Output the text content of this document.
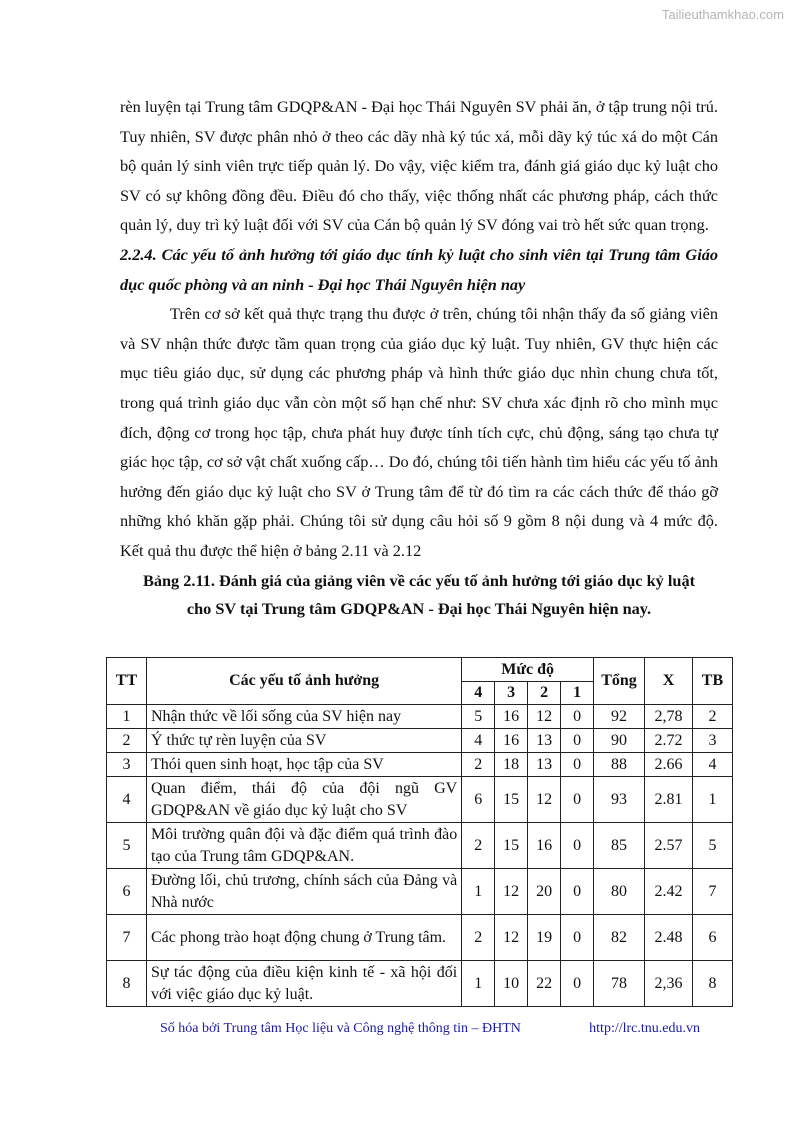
Tailieuthamkhao.com

rèn luyện tại Trung tâm GDQP&AN - Đại học Thái Nguyên SV phải ăn, ở tập trung nội trú. Tuy nhiên, SV được phân nhỏ ở theo các dãy nhà ký túc xá, mỗi dãy ký túc xá do một Cán bộ quản lý sinh viên trực tiếp quản lý. Do vậy, việc kiểm tra, đánh giá giáo dục kỷ luật cho SV có sự không đồng đều. Điều đó cho thấy, việc thống nhất các phương pháp, cách thức quản lý, duy trì kỷ luật đối với SV của Cán bộ quản lý SV đóng vai trò hết sức quan trọng.

2.2.4. Các yếu tố ảnh hưởng tới giáo dục tính kỷ luật cho sinh viên tại Trung tâm Giáo dục quốc phòng và an ninh - Đại học Thái Nguyên hiện nay

Trên cơ sở kết quả thực trạng thu được ở trên, chúng tôi nhận thấy đa số giảng viên và SV nhận thức được tầm quan trọng của giáo dục kỷ luật. Tuy nhiên, GV thực hiện các mục tiêu giáo dục, sử dụng các phương pháp và hình thức giáo dục nhìn chung chưa tốt, trong quá trình giáo dục vẫn còn một số hạn chế như: SV chưa xác định rõ cho mình mục đích, động cơ trong học tập, chưa phát huy được tính tích cực, chủ động, sáng tạo chưa tự giác học tập, cơ sở vật chất xuống cấp… Do đó, chúng tôi tiến hành tìm hiểu các yếu tố ảnh hưởng đến giáo dục kỷ luật cho SV ở Trung tâm để từ đó tìm ra các cách thức để tháo gỡ những khó khăn gặp phải. Chúng tôi sử dụng câu hỏi số 9 gồm 8 nội dung và 4 mức độ. Kết quả thu được thể hiện ở bảng 2.11 và 2.12

Bảng 2.11. Đánh giá của giảng viên về các yếu tố ảnh hưởng tới giáo dục kỷ luật
cho SV tại Trung tâm GDQP&AN - Đại học Thái Nguyên hiện nay.
TT	Các yếu tố ảnh hưởng	Mức độ				Tổng	X	TB
		4	3	2	1			
1	Nhận thức về lối sống của SV hiện nay	5	16	12	0	92	2,78	2
2	Ý thức tự rèn luyện của SV	4	16	13	0	90	2.72	3
3	Thói quen sinh hoạt, học tập của SV	2	18	13	0	88	2.66	4
4	Quan điểm, thái độ của đội ngũ GV GDQP&AN về giáo dục kỷ luật cho SV	6	15	12	0	93	2.81	1
5	Môi trường quân đội và đặc điểm quá trình đào tạo của Trung tâm GDQP&AN.	2	15	16	0	85	2.57	5
6	Đường lối, chủ trương, chính sách của Đảng và Nhà nước	1	12	20	0	80	2.42	7
7	Các phong trào hoạt động chung ở Trung tâm.	2	12	19	0	82	2.48	6
8	Sự tác động của điều kiện kinh tế - xã hội đối với việc giáo dục kỷ luật.	1	10	22	0	78	2,36	8
Số hóa bởi Trung tâm Học liệu và Công nghệ thông tin – ĐHTN	http://lrc.tnu.edu.vn
